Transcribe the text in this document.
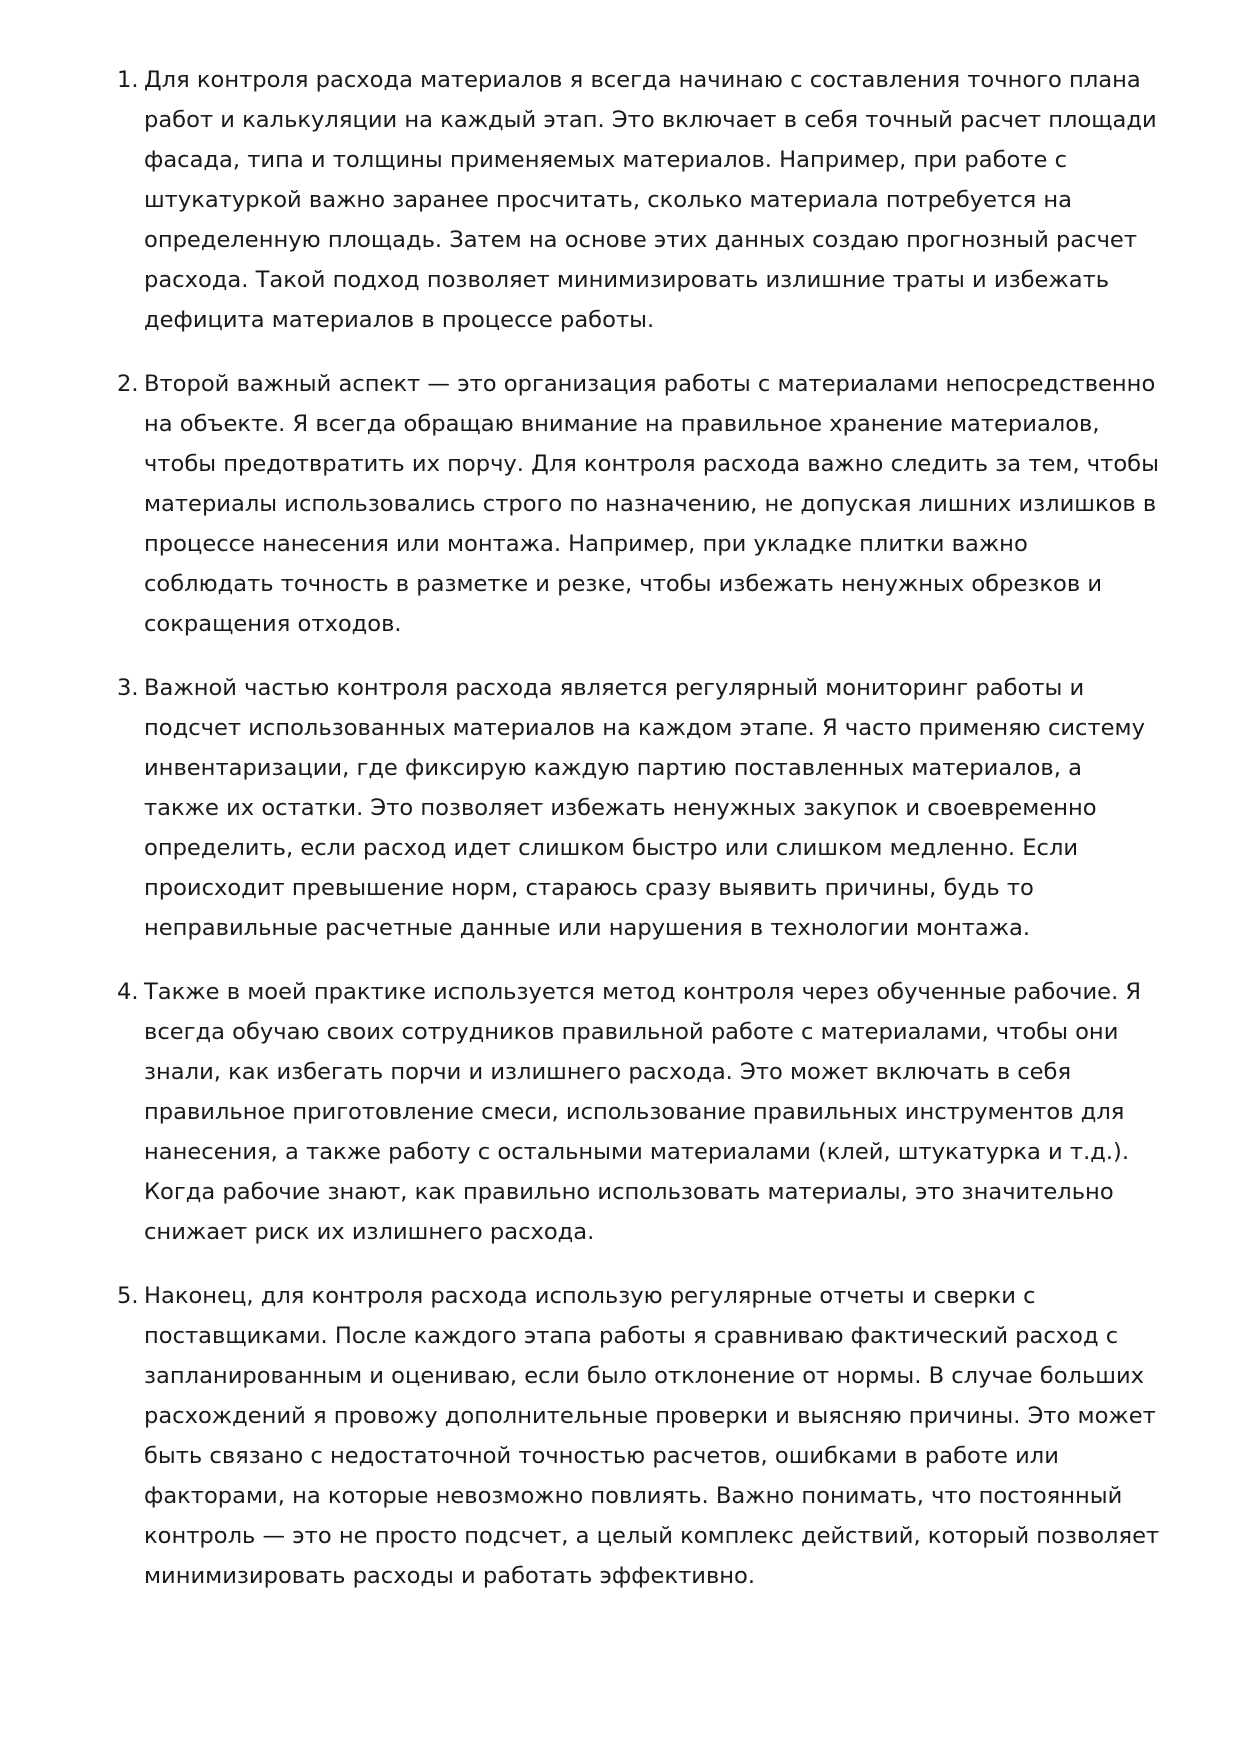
1. Для контроля расхода материалов я всегда начинаю с составления точного плана работ и калькуляции на каждый этап. Это включает в себя точный расчет площади фасада, типа и толщины применяемых материалов. Например, при работе с штукатуркой важно заранее просчитать, сколько материала потребуется на определенную площадь. Затем на основе этих данных создаю прогнозный расчет расхода. Такой подход позволяет минимизировать излишние траты и избежать дефицита материалов в процессе работы.
2. Второй важный аспект — это организация работы с материалами непосредственно на объекте. Я всегда обращаю внимание на правильное хранение материалов, чтобы предотвратить их порчу. Для контроля расхода важно следить за тем, чтобы материалы использовались строго по назначению, не допуская лишних излишков в процессе нанесения или монтажа. Например, при укладке плитки важно соблюдать точность в разметке и резке, чтобы избежать ненужных обрезков и сокращения отходов.
3. Важной частью контроля расхода является регулярный мониторинг работы и подсчет использованных материалов на каждом этапе. Я часто применяю систему инвентаризации, где фиксирую каждую партию поставленных материалов, а также их остатки. Это позволяет избежать ненужных закупок и своевременно определить, если расход идет слишком быстро или слишком медленно. Если происходит превышение норм, стараюсь сразу выявить причины, будь то неправильные расчетные данные или нарушения в технологии монтажа.
4. Также в моей практике используется метод контроля через обученные рабочие. Я всегда обучаю своих сотрудников правильной работе с материалами, чтобы они знали, как избегать порчи и излишнего расхода. Это может включать в себя правильное приготовление смеси, использование правильных инструментов для нанесения, а также работу с остальными материалами (клей, штукатурка и т.д.). Когда рабочие знают, как правильно использовать материалы, это значительно снижает риск их излишнего расхода.
5. Наконец, для контроля расхода использую регулярные отчеты и сверки с поставщиками. После каждого этапа работы я сравниваю фактический расход с запланированным и оцениваю, если было отклонение от нормы. В случае больших расхождений я провожу дополнительные проверки и выясняю причины. Это может быть связано с недостаточной точностью расчетов, ошибками в работе или факторами, на которые невозможно повлиять. Важно понимать, что постоянный контроль — это не просто подсчет, а целый комплекс действий, который позволяет минимизировать расходы и работать эффективно.
